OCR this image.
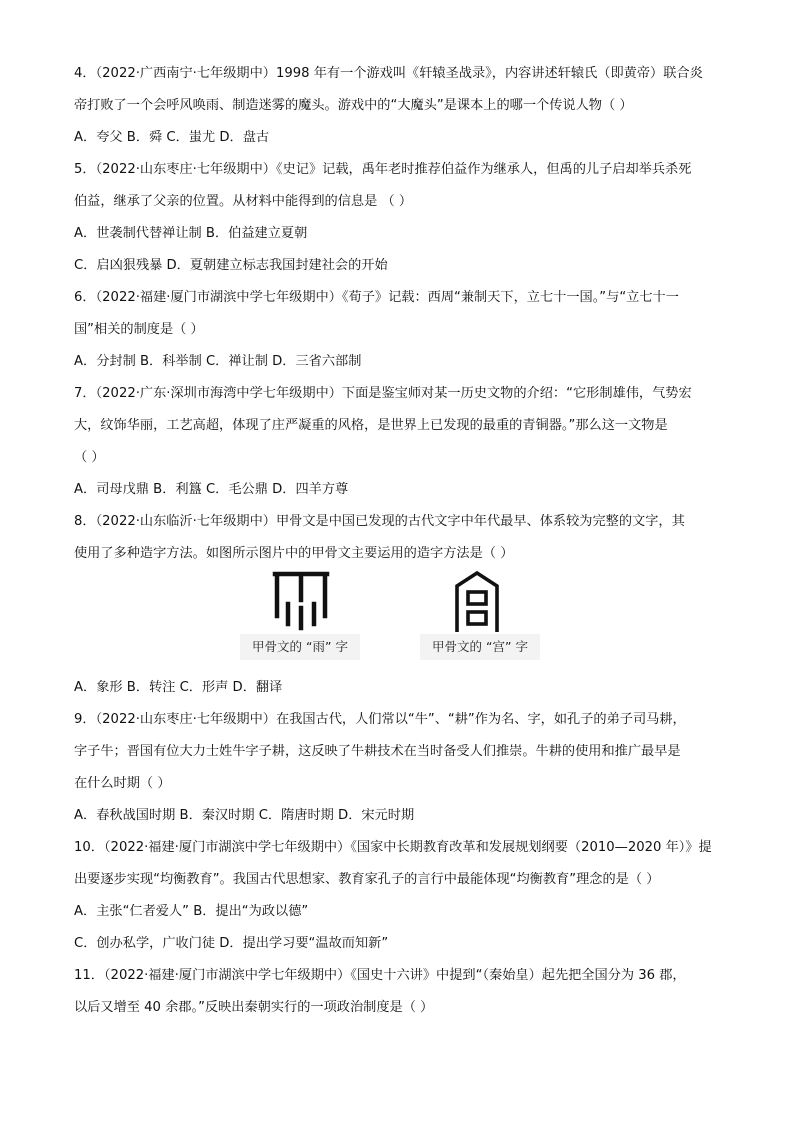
4．（2022·广西南宁·七年级期中）1998 年有一个游戏叫《轩辕圣战录》，内容讲述轩辕氏（即黄帝）联合炎
帝打败了一个会呼风唤雨、制造迷雾的魔头。游戏中的“大魔头”是课本上的哪一个传说人物（ ）
A．夸父 B．舜 C．蚩尤 D．盘古
5．（2022·山东枣庄·七年级期中）《史记》记载，禹年老时推荐伯益作为继承人，但禹的儿子启却举兵杀死
伯益，继承了父亲的位置。从材料中能得到的信息是 （ ）
A．世袭制代替禅让制 B．伯益建立夏朝
C．启凶狠残暴 D．夏朝建立标志我国封建社会的开始
6．（2022·福建·厦门市湖滨中学七年级期中）《荀子》记载：西周“兼制天下，立七十一国。”与“立七十一
国”相关的制度是（ ）
A．分封制 B．科举制 C．禅让制 D．三省六部制
7．（2022·广东·深圳市海湾中学七年级期中）下面是鉴宝师对某一历史文物的介绍：“它形制雄伟，气势宏
大，纹饰华丽，工艺高超，体现了庄严凝重的风格，是世界上已发现的最重的青铜器。”那么这一文物是
（ ）
A．司母戊鼎 B．利簋 C．毛公鼎 D．四羊方尊
8．（2022·山东临沂·七年级期中）甲骨文是中国已发现的古代文字中年代最早、体系较为完整的文字，其
使用了多种造字方法。如图所示图片中的甲骨文主要运用的造字方法是（ ）
甲骨文的 “雨” 字	甲骨文的 “宫” 字
A．象形 B．转注 C．形声 D．翻译
9．（2022·山东枣庄·七年级期中）在我国古代，人们常以“牛”、“耕”作为名、字，如孔子的弟子司马耕，
字子牛；晋国有位大力士姓牛字子耕，这反映了牛耕技术在当时备受人们推崇。牛耕的使用和推广最早是
在什么时期（ ）
A．春秋战国时期 B．秦汉时期 C．隋唐时期 D．宋元时期
10．（2022·福建·厦门市湖滨中学七年级期中）《国家中长期教育改革和发展规划纲要（2010—2020 年）》提
出要逐步实现“均衡教育”。我国古代思想家、教育家孔子的言行中最能体现“均衡教育”理念的是（ ）
A．主张“仁者爱人” B．提出“为政以德”
C．创办私学，广收门徒 D．提出学习要“温故而知新”
11．（2022·福建·厦门市湖滨中学七年级期中）《国史十六讲》中提到“（秦始皇）起先把全国分为 36 郡，
以后又增至 40 余郡。”反映出秦朝实行的一项政治制度是（ ）
